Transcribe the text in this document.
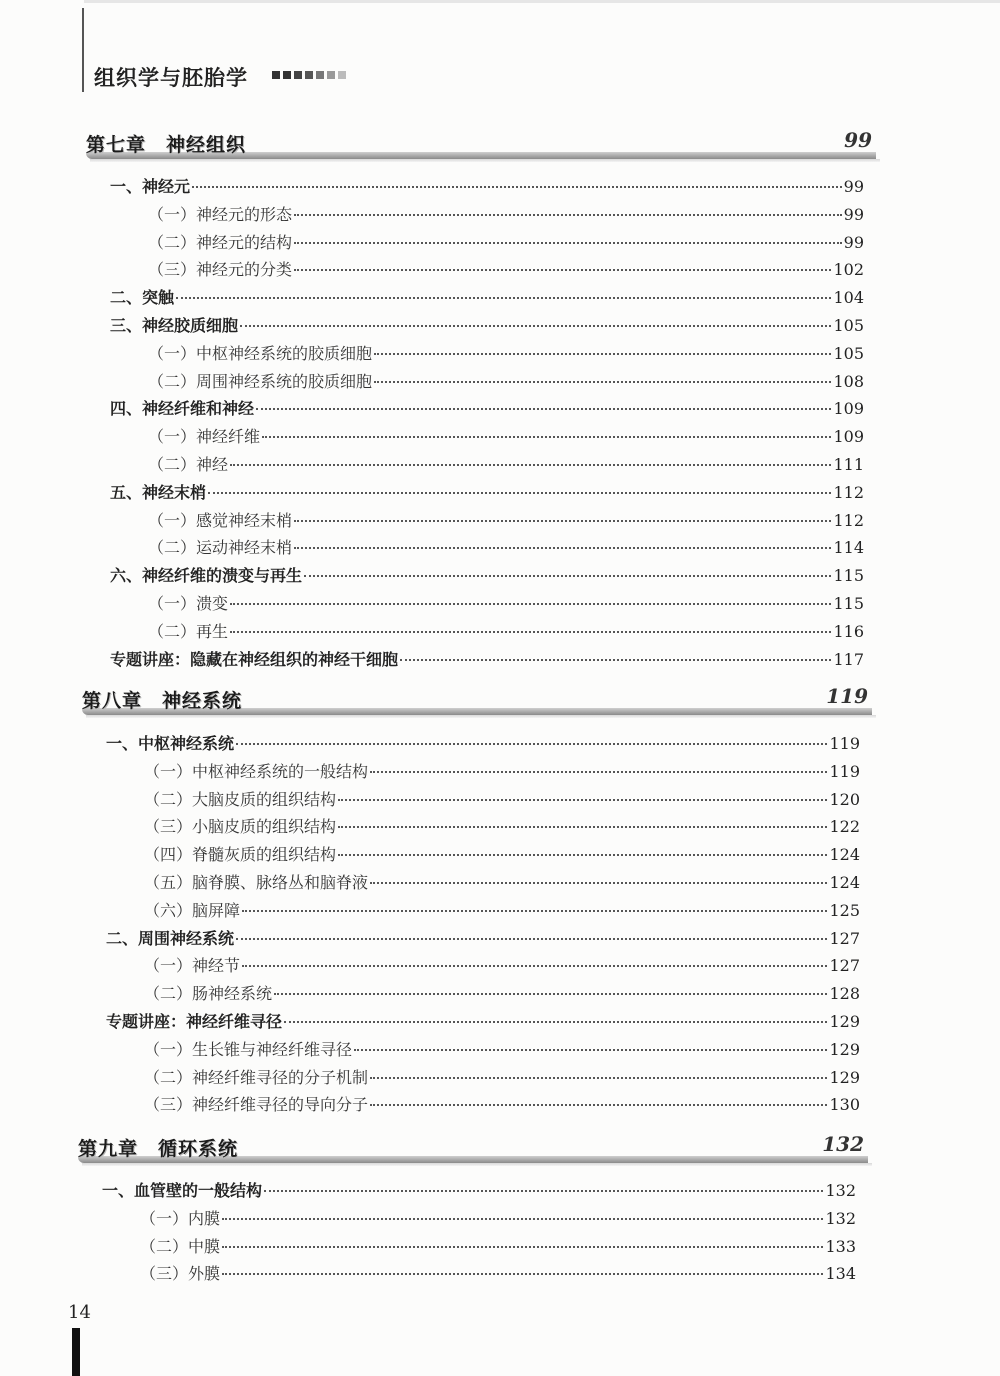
组织学与胚胎学
第七章　神经组织	99
一、神经元	99
（一）神经元的形态	99
（二）神经元的结构	99
（三）神经元的分类	102
二、突触	104
三、神经胶质细胞	105
（一）中枢神经系统的胶质细胞	105
（二）周围神经系统的胶质细胞	108
四、神经纤维和神经	109
（一）神经纤维	109
（二）神经	111
五、神经末梢	112
（一）感觉神经末梢	112
（二）运动神经末梢	114
六、神经纤维的溃变与再生	115
（一）溃变	115
（二）再生	116
专题讲座：隐藏在神经组织的神经干细胞	117
第八章　神经系统	119
一、中枢神经系统	119
（一）中枢神经系统的一般结构	119
（二）大脑皮质的组织结构	120
（三）小脑皮质的组织结构	122
（四）脊髓灰质的组织结构	124
（五）脑脊膜、脉络丛和脑脊液	124
（六）脑屏障	125
二、周围神经系统	127
（一）神经节	127
（二）肠神经系统	128
专题讲座：神经纤维寻径	129
（一）生长锥与神经纤维寻径	129
（二）神经纤维寻径的分子机制	129
（三）神经纤维寻径的导向分子	130
第九章　循环系统	132
一、血管壁的一般结构	132
（一）内膜	132
（二）中膜	133
（三）外膜	134
14
